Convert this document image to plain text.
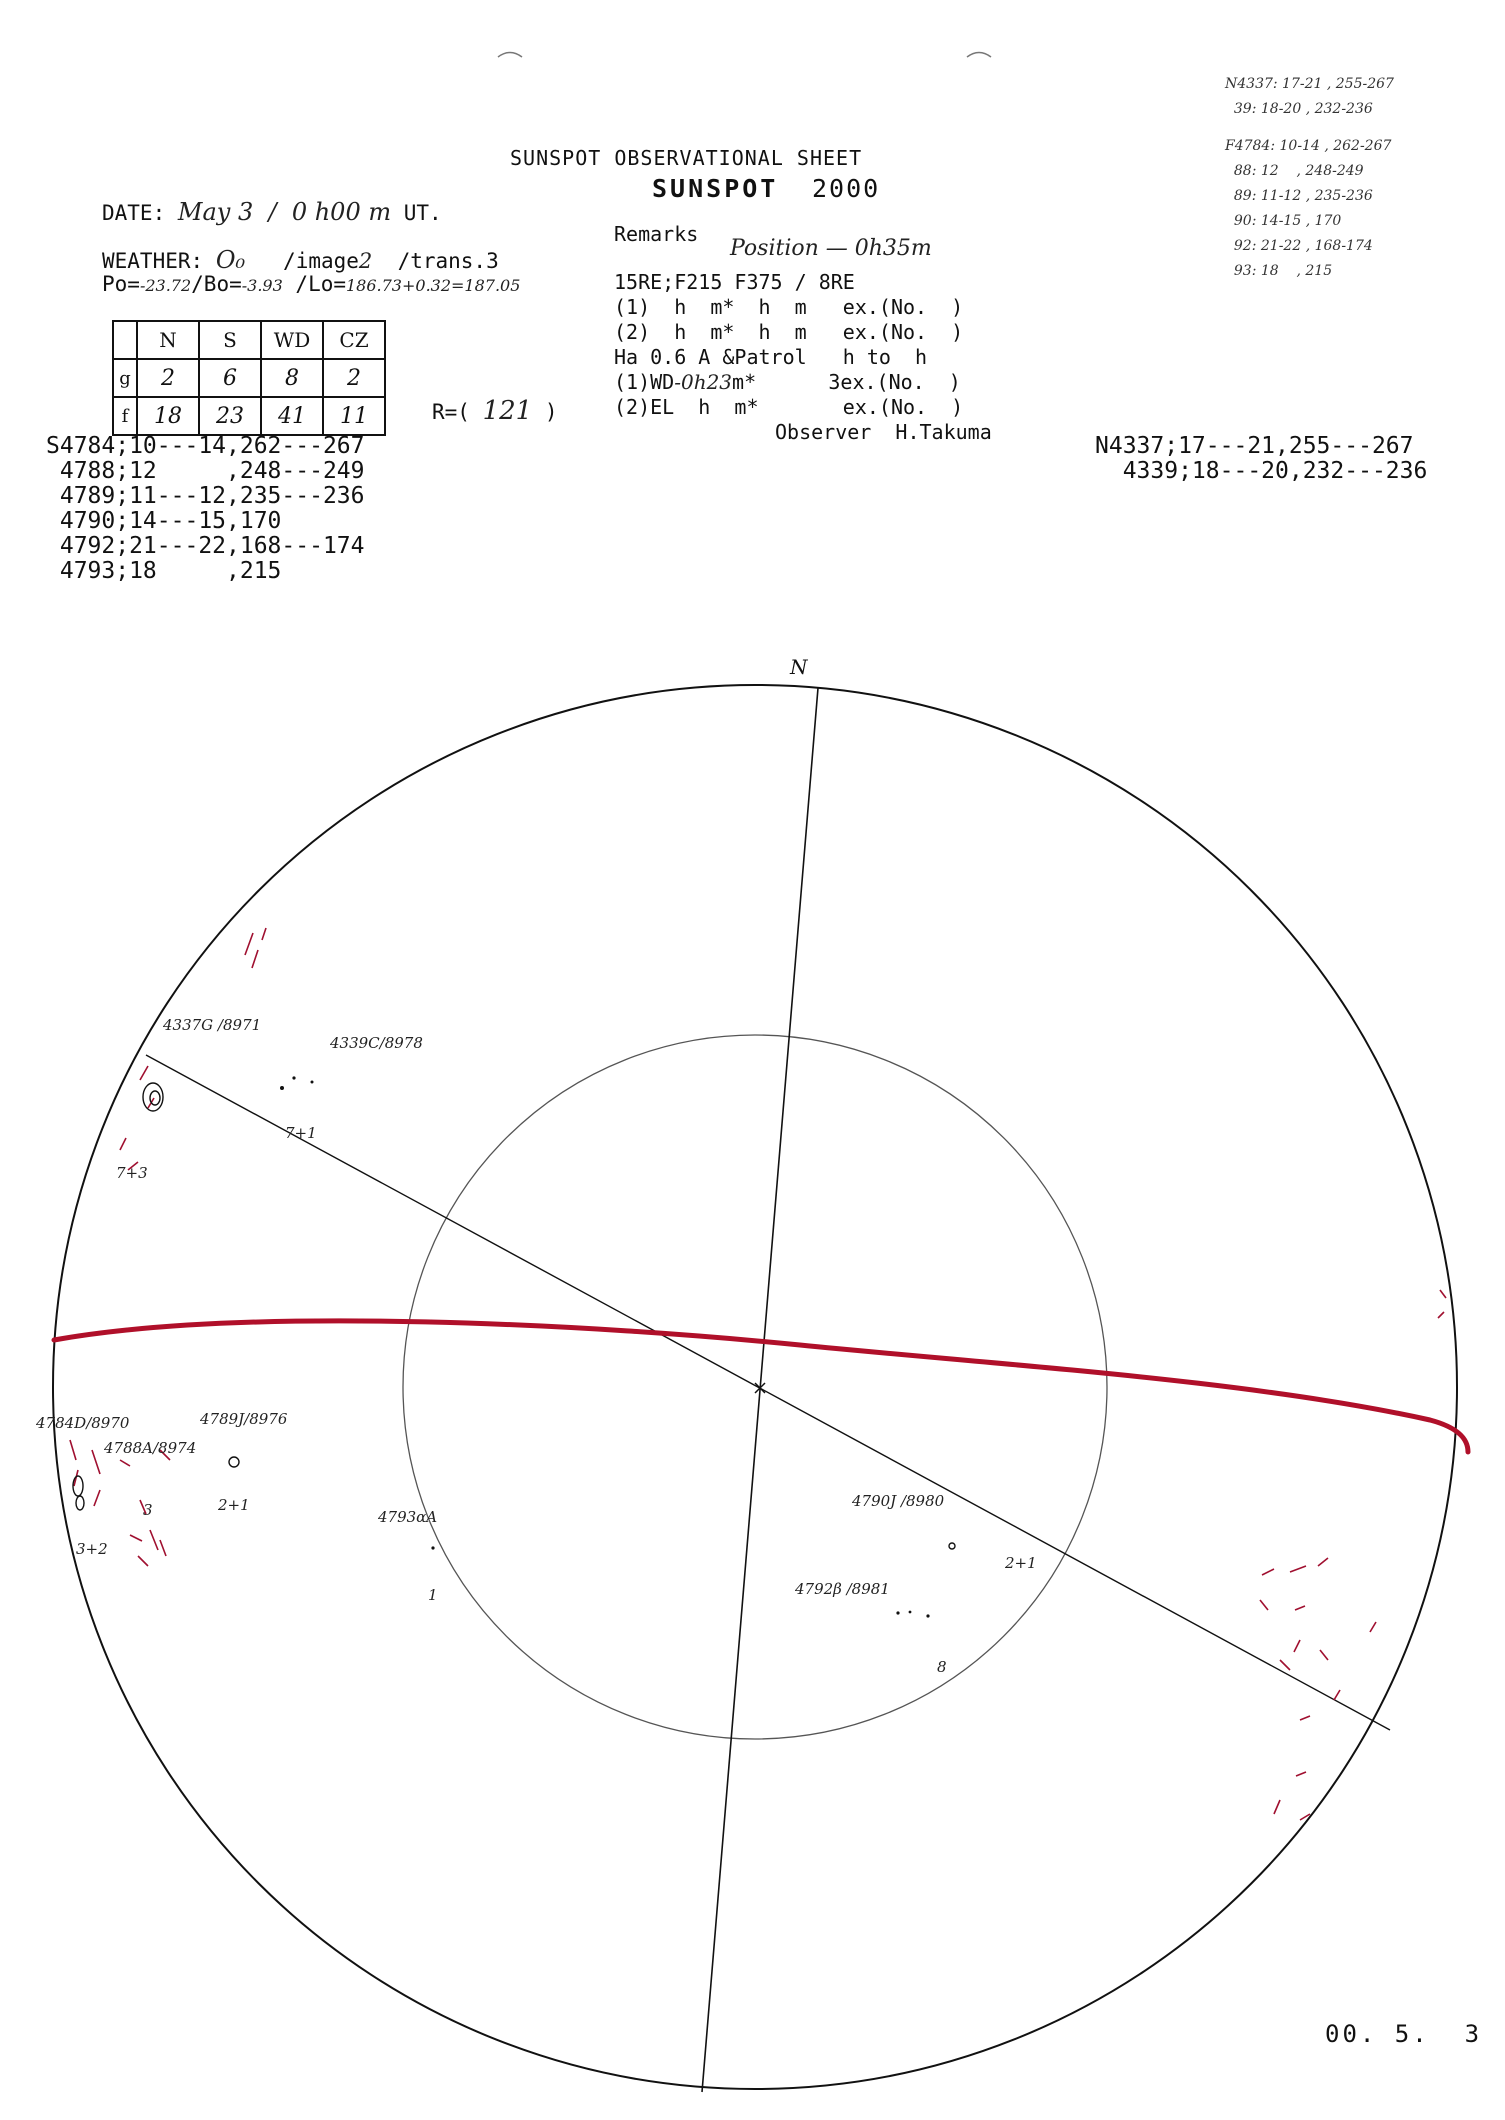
SUNSPOT OBSERVATIONAL SHEET
SUNSPOT 2000
DATE: May 3  /  0 h00 m UT.
WEATHER: O₀ /image2 /trans.3
Po=-23.72/Bo=-3.93 /Lo=186.73+0.32=187.05
	N	S	WD	CZ
g	2	6	8	2
f	18	23	41	11	R=( 121 )
Remarks
Position — 0h35m
15RE;F215 F375 / 8RE
(1)  h  m*  h  m   ex.(No.  )
(2)  h  m*  h  m   ex.(No.  )
Ha 0.6 A &Patrol   h to  h
(1)WD-0h23m*      3ex.(No.  )
(2)EL  h  m*       ex.(No.  )
Observer  H.Takuma
N4337: 17-21 , 255-267
39: 18-20 , 232-236
F4784: 10-14 , 262-267
88: 12    , 248-249
89: 11-12 , 235-236
90: 14-15 , 170
92: 21-22 , 168-174
93: 18    , 215
S4784;10---14,262---267
4788;12     ,248---249
4789;11---12,235---236
4790;14---15,170
4792;21---22,168---174
4793;18     ,215
N4337;17---21,255---267
4339;18---20,232---236
N
4337G /8971
4339C/8978
7+3
7+1
4784D/8970	4789J/8976
4788A/8974
3
3+2
2+1
4793αA
1
4790J /8980
2+1
4792β /8981
8
00. 5.  3
